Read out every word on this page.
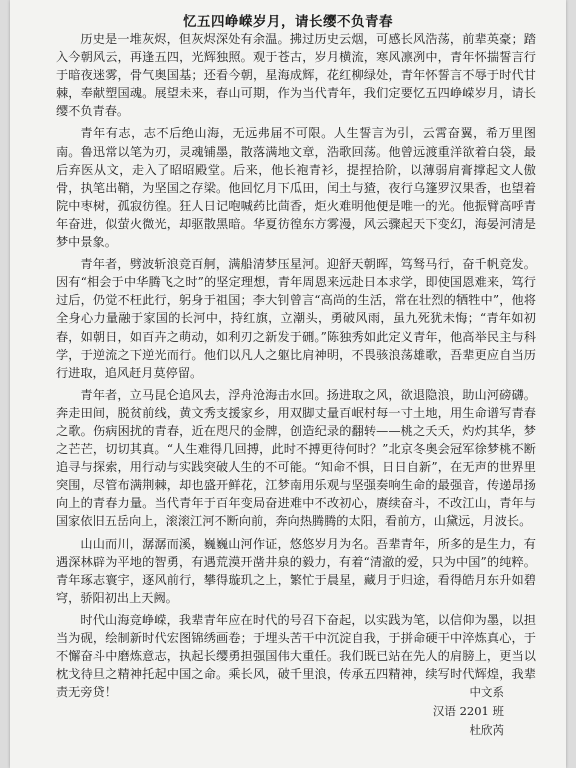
忆五四峥嵘岁月，请长缨不负青春

历史是一堆灰烬，但灰烬深处有余温。拂过历史云烟，可感长风浩荡，前辈英豪；踏入今朝风云，再逢五四，光辉独照。观于苍古，岁月横流，寒风凛冽中，青年怀揣誓言行于暗夜迷雾，骨气奥国基；还看今朝，星海成辉，花红柳绿处，青年怀誓言不辱于时代甘棘，奉献塑国魂。展望未来，春山可期，作为当代青年，我们定要忆五四峥嵘岁月，请长缨不负青春。

青年有志，志不后绝山海，无远弗届不可限。人生誓言为引，云霄奋翼，希万里图南。鲁迅常以笔为刃，灵魂铺墨，散落满地文章，浩歌回荡。他曾远渡重洋欲着白袋，最后弃医从文，走入了昭昭殿堂。后来，他长袍青衫，提捏拾阶，以薄弱肩膏撑起文人傲骨，执笔出鞘，为坚国之存梁。他回忆月下瓜田，闰土与猹，夜行乌篷罗汉果香，也望着院中枣树，孤寂彷徨。狂人日记咆喊药比茴香，炬火难明他便是唯一的光。他振臂高呼青年奋进，似萤火微光，却驱散黑暗。华夏彷徨东方雾漫，风云骤起天下变幻，海晏河清是梦中景象。

青年者，劈波斩浪竞百舸，满船清梦压星河。迎舒天朝晖，笃驽马行，奋千帆竞发。因有“相会于中华腾飞之时”的坚定理想，青年周恩来远赴日本求学，即使国恩难来，笃行过后，仍觉不枉此行，躬身于祖国；李大钊曾言“高尚的生活，常在壮烈的牺牲中”，他将全身心力量融于家国的长河中，持红旗，立潮头，勇破风雨，虽九死犹未悔；“青年如初春，如朝日，如百卉之萌动，如利刃之新发于硎。”陈独秀如此定义青年，他高举民主与科学，于逆流之下逆光而行。他们以凡人之躯比肩神明，不畏骇浪荡雄歌，吾辈更应自当历行进取，追风赶月莫停留。

青年者，立马昆仑追风去，浮舟沧海击水回。扬进取之风，欲退隐浪，助山河磅礴。奔走田间，脱贫前线，黄文秀支援家乡，用双脚丈量百岷村每一寸土地，用生命谱写青春之歌。伤病困扰的青春，近在咫尺的金牌，创造纪录的翻转——桃之夭夭，灼灼其华，梦之芒芒，切切其真。“人生难得几回搏，此时不搏更待何时？”北京冬奥会冠军徐梦桃不断追寻与探索，用行动与实践突破人生的不可能。“知命不惧，日日自新”，在无声的世界里突围，尽管布满荆棘，却也盛开鲜花，江梦南用乐观与坚强奏响生命的最强音，传递昂扬向上的青春力量。当代青年于百年变局奋进难中不改初心，赓续奋斗，不改江山，青年与国家依旧五岳向上，滚滚江河不断向前，奔向热腾腾的太阳，看前方，山黛远，月波长。

山山而川，潺潺而溪，巍巍山河作证，悠悠岁月为名。吾辈青年，所多的是生力，有遇深林辟为平地的智勇，有遇荒漠开凿井泉的毅力，有着“清澈的爱，只为中国”的纯粹。青年琢志寰宇，逐风前行，攀得璇玑之上，繁忙于晨星，藏月于归途，看得皓月东升如碧穹，骄阳初出上天阙。

时代山海竞峥嵘，我辈青年应在时代的号召下奋起，以实践为笔，以信仰为墨，以担当为砚，绘制新时代宏图锦绣画卷；于埋头苦干中沉淀自我，于拼命硬干中淬炼真心，于不懈奋斗中磨炼意志，执起长缨勇担强国伟大重任。我们既已站在先人的肩膀上，更当以枕戈待旦之精神托起中国之命。乘长风，破千里浪，传承五四精神，续写时代辉煌，我辈责无旁贷！	中文系
汉语 2201 班
杜欣芮
